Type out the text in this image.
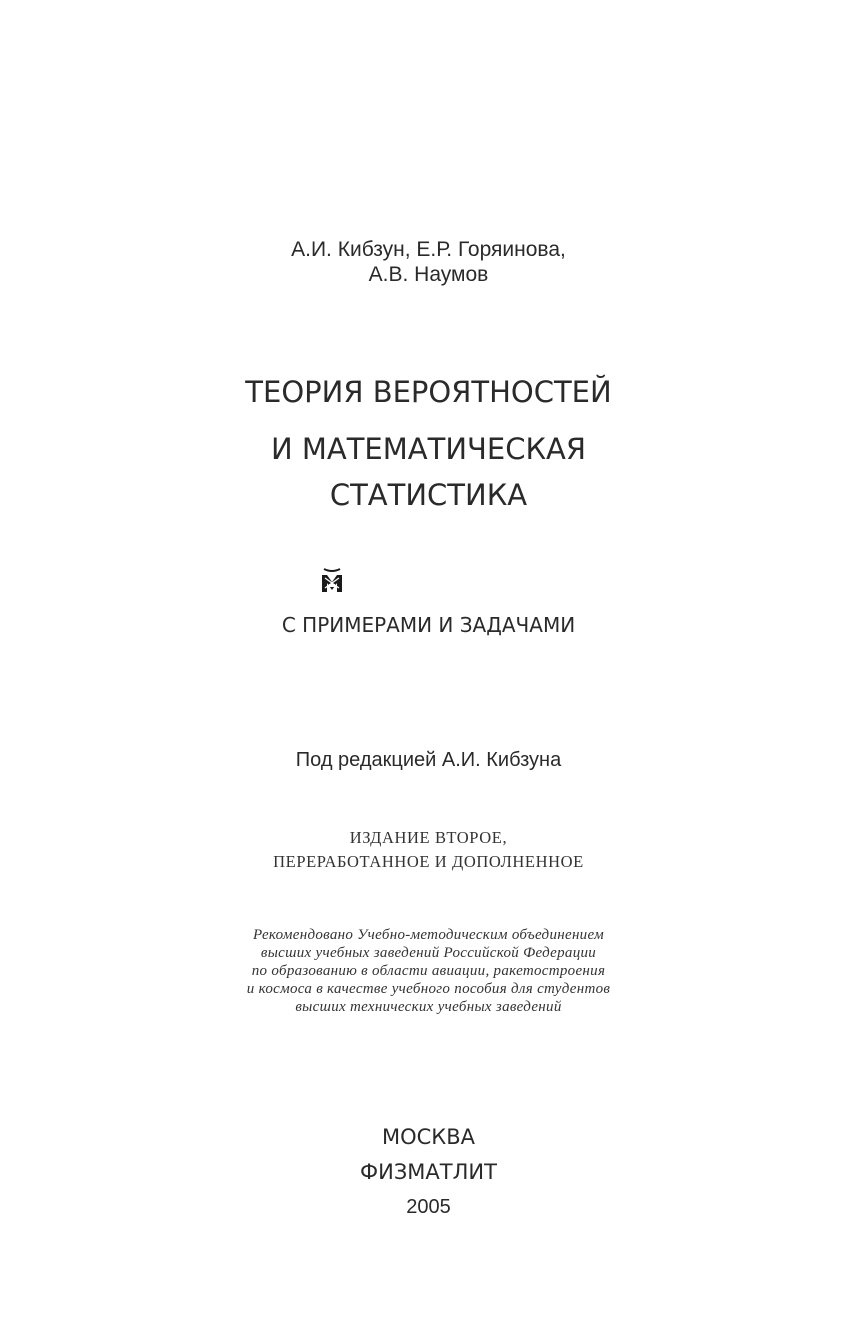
А.И. Кибзун, Е.Р. Горяинова,
А.В. Наумов
ТЕОРИЯ ВЕРОЯТНОСТЕЙ
И МАТЕМАТИЧЕСКАЯ
СТАТИСТИКА
С ПРИМЕРАМИ И ЗАДАЧАМИ
Под редакцией А.И. Кибзуна
ИЗДАНИЕ ВТОРОЕ,
ПЕРЕРАБОТАННОЕ И ДОПОЛНЕННОЕ
Рекомендовано Учебно-методическим объединением
высших учебных заведений Российской Федерации
по образованию в области авиации, ракетостроения
и космоса в качестве учебного пособия для студентов
высших технических учебных заведений
МОСКВА
ФИЗМАТЛИТ
2005
